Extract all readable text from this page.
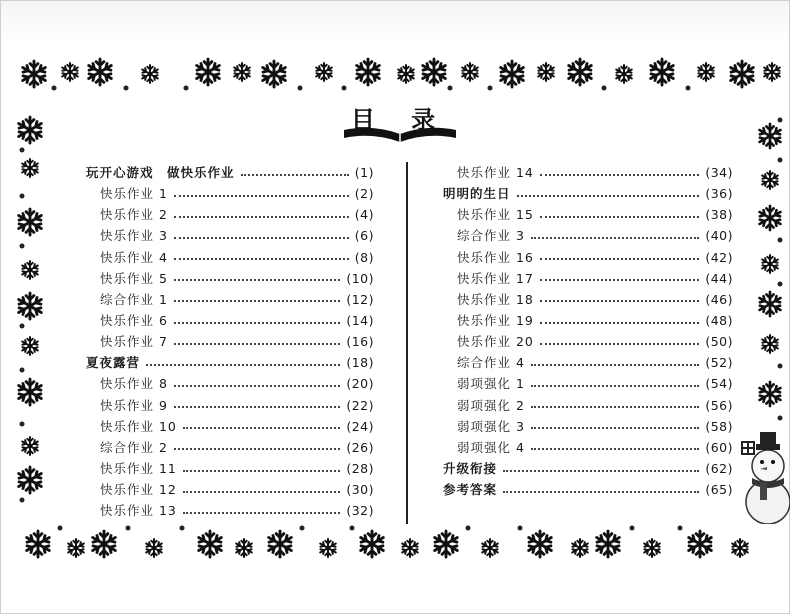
目 录
玩开心游戏　做快乐作业	(1)
快乐作业 1	(2)
快乐作业 2	(4)
快乐作业 3	(6)
快乐作业 4	(8)
快乐作业 5	(10)
综合作业 1	(12)
快乐作业 6	(14)
快乐作业 7	(16)
夏夜露营	(18)
快乐作业 8	(20)
快乐作业 9	(22)
快乐作业 10	(24)
综合作业 2	(26)
快乐作业 11	(28)
快乐作业 12	(30)
快乐作业 13	(32)
快乐作业 14	(34)
明明的生日	(36)
快乐作业 15	(38)
综合作业 3	(40)
快乐作业 16	(42)
快乐作业 17	(44)
快乐作业 18	(46)
快乐作业 19	(48)
快乐作业 20	(50)
综合作业 4	(52)
弱项强化 1	(54)
弱项强化 2	(56)
弱项强化 3	(58)
弱项强化 4	(60)
升级衔接	(62)
参考答案	(65)
